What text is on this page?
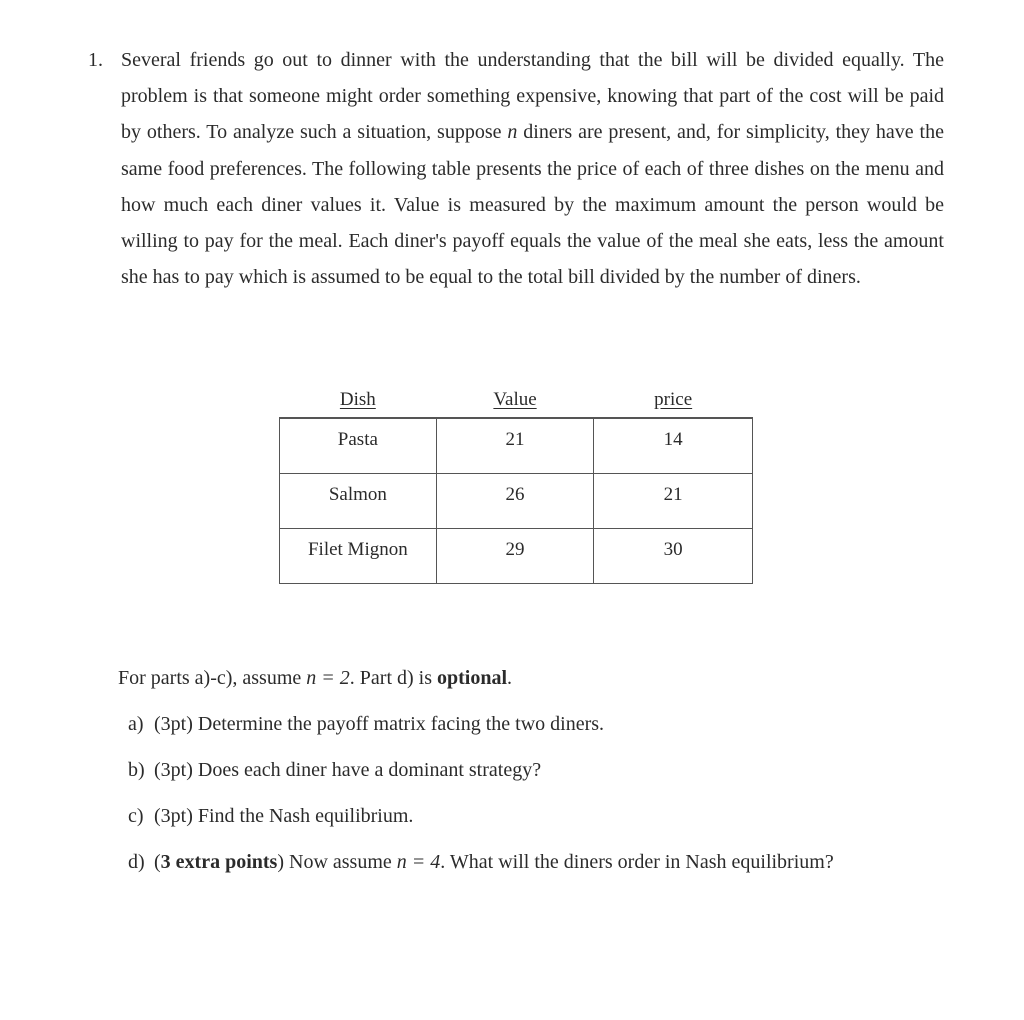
1. Several friends go out to dinner with the understanding that the bill will be divided equally. The problem is that someone might order something expensive, knowing that part of the cost will be paid by others. To analyze such a situation, suppose n diners are present, and, for simplicity, they have the same food preferences. The following table presents the price of each of three dishes on the menu and how much each diner values it. Value is measured by the maximum amount the person would be willing to pay for the meal. Each diner's payoff equals the value of the meal she eats, less the amount she has to pay which is assumed to be equal to the total bill divided by the number of diners.
Dish	Value	price
Pasta	21	14
Salmon	26	21
Filet Mignon	29	30
For parts a)-c), assume n = 2. Part d) is optional.
a) (3pt) Determine the payoff matrix facing the two diners.
b) (3pt) Does each diner have a dominant strategy?
c) (3pt) Find the Nash equilibrium.
d) (3 extra points) Now assume n = 4. What will the diners order in Nash equilibrium?
